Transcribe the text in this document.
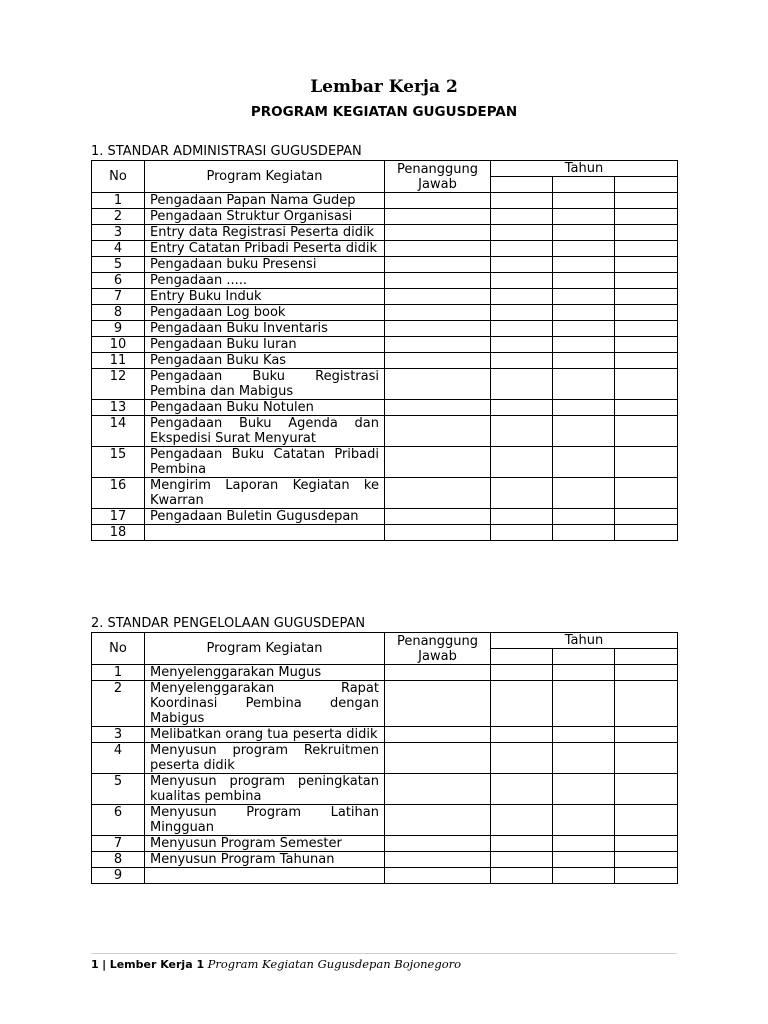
Lembar Kerja 2
PROGRAM KEGIATAN GUGUSDEPAN
1. STANDAR ADMINISTRASI GUGUSDEPAN
No	Program Kegiatan	Penanggung Jawab	Tahun		

1	Pengadaan Papan Nama Gudep				
2	Pengadaan Struktur Organisasi				
3	Entry data Registrasi Peserta didik				
4	Entry Catatan Pribadi Peserta didik				
5	Pengadaan buku Presensi				
6	Pengadaan .....				
7	Entry Buku Induk				
8	Pengadaan Log book				
9	Pengadaan Buku Inventaris				
10	Pengadaan Buku Iuran				
11	Pengadaan Buku Kas				
12	Pengadaan Buku Registrasi Pembina dan Mabigus				
13	Pengadaan Buku Notulen				
14	Pengadaan Buku Agenda dan Ekspedisi Surat Menyurat				
15	Pengadaan Buku Catatan Pribadi Pembina				
16	Mengirim Laporan Kegiatan ke Kwarran				
17	Pengadaan Buletin Gugusdepan				
18					
2. STANDAR PENGELOLAAN GUGUSDEPAN
No	Program Kegiatan	Penanggung Jawab	Tahun		

1	Menyelenggarakan Mugus				
2	Menyelenggarakan Rapat Koordinasi Pembina dengan Mabigus				
3	Melibatkan orang tua peserta didik				
4	Menyusun program Rekruitmen peserta didik				
5	Menyusun program peningkatan kualitas pembina				
6	Menyusun Program Latihan Mingguan				
7	Menyusun Program Semester				
8	Menyusun Program Tahunan				
9					
1 | Lember Kerja 1 Program Kegiatan Gugusdepan Bojonegoro
